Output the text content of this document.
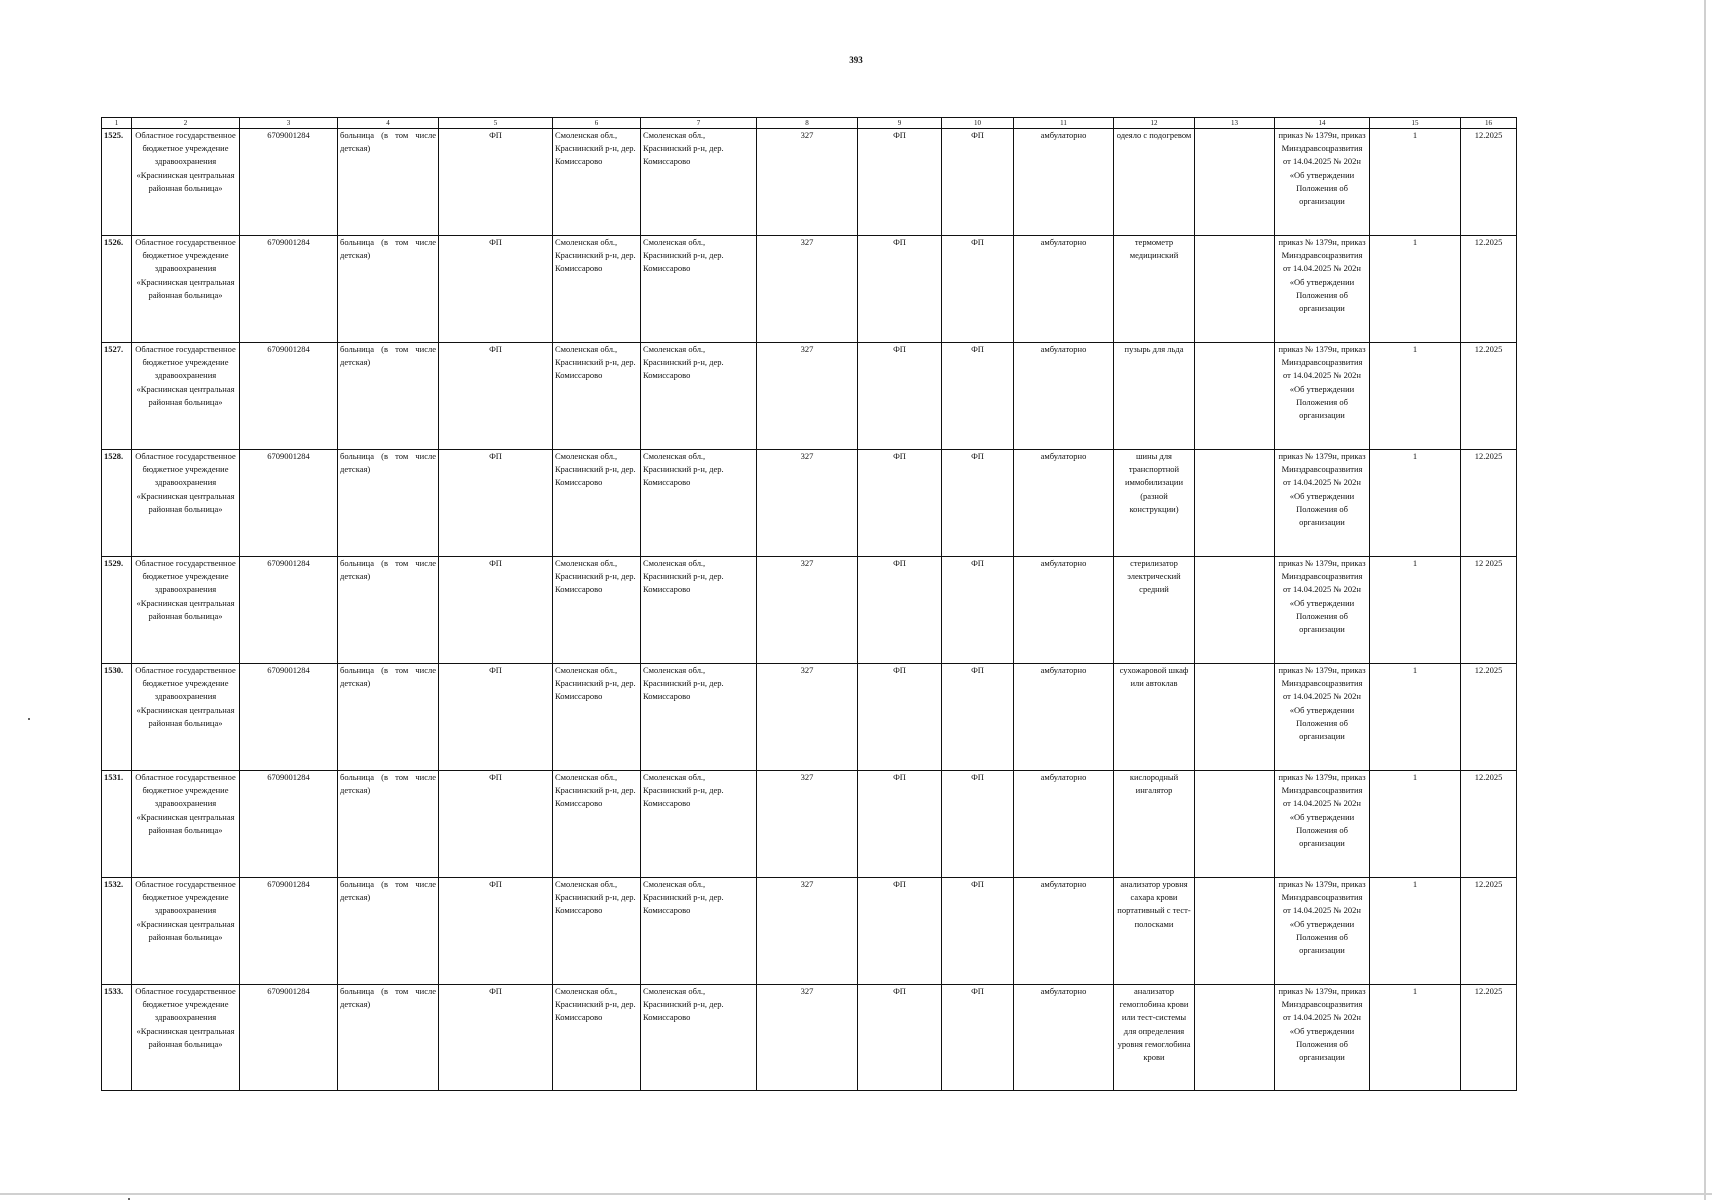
393
1	2	3	4	5	6	7	8	9	10	11	12	13	14	15	16
1525.	Областное государственное бюджетное учреждение здравоохранения «Краснинская центральная районная больница»	6709001284	больница (в том числе детская)	ФП	Смоленская обл., Краснинский р-н, дер. Комиссарово	Смоленская обл., Краснинский р-н, дер. Комиссарово	327	ФП	ФП	амбулаторно	одеяло с подогревом		приказ № 1379н, приказ Минздравсоцразвития от 14.04.2025 № 202н «Об утверждении Положения об организации	1	12.2025
1526.	Областное государственное бюджетное учреждение здравоохранения «Краснинская центральная районная больница»	6709001284	больница (в том числе детская)	ФП	Смоленская обл., Краснинский р-н, дер. Комиссарово	Смоленская обл., Краснинский р-н, дер. Комиссарово	327	ФП	ФП	амбулаторно	термометр медицинский		приказ № 1379н, приказ Минздравсоцразвития от 14.04.2025 № 202н «Об утверждении Положения об организации	1	12.2025
1527.	Областное государственное бюджетное учреждение здравоохранения «Краснинская центральная районная больница»	6709001284	больница (в том числе детская)	ФП	Смоленская обл., Краснинский р-н, дер. Комиссарово	Смоленская обл., Краснинский р-н, дер. Комиссарово	327	ФП	ФП	амбулаторно	пузырь для льда		приказ № 1379н, приказ Минздравсоцразвития от 14.04.2025 № 202н «Об утверждении Положения об организации	1	12.2025
1528.	Областное государственное бюджетное учреждение здравоохранения «Краснинская центральная районная больница»	6709001284	больница (в том числе детская)	ФП	Смоленская обл., Краснинский р-н, дер. Комиссарово	Смоленская обл., Краснинский р-н, дер. Комиссарово	327	ФП	ФП	амбулаторно	шины для транспортной иммобилизации (разной конструкции)		приказ № 1379н, приказ Минздравсоцразвития от 14.04.2025 № 202н «Об утверждении Положения об организации	1	12.2025
1529.	Областное государственное бюджетное учреждение здравоохранения «Краснинская центральная районная больница»	6709001284	больница (в том числе детская)	ФП	Смоленская обл., Краснинский р-н, дер. Комиссарово	Смоленская обл., Краснинский р-н, дер. Комиссарово	327	ФП	ФП	амбулаторно	стерилизатор электрический средний		приказ № 1379н, приказ Минздравсоцразвития от 14.04.2025 № 202н «Об утверждении Положения об организации	1	12 2025
1530.	Областное государственное бюджетное учреждение здравоохранения «Краснинская центральная районная больница»	6709001284	больница (в том числе детская)	ФП	Смоленская обл., Краснинский р-н, дер. Комиссарово	Смоленская обл., Краснинский р-н, дер. Комиссарово	327	ФП	ФП	амбулаторно	сухожаровой шкаф или автоклав		приказ № 1379н, приказ Минздравсоцразвития от 14.04.2025 № 202н «Об утверждении Положения об организации	1	12.2025
1531.	Областное государственное бюджетное учреждение здравоохранения «Краснинская центральная районная больница»	6709001284	больница (в том числе детская)	ФП	Смоленская обл., Краснинский р-н, дер. Комиссарово	Смоленская обл., Краснинский р-н, дер. Комиссарово	327	ФП	ФП	амбулаторно	кислородный ингалятор		приказ № 1379н, приказ Минздравсоцразвития от 14.04.2025 № 202н «Об утверждении Положения об организации	1	12.2025
1532.	Областное государственное бюджетное учреждение здравоохранения «Краснинская центральная районная больница»	6709001284	больница (в том числе детская)	ФП	Смоленская обл., Краснинский р-н, дер. Комиссарово	Смоленская обл., Краснинский р-н, дер. Комиссарово	327	ФП	ФП	амбулаторно	анализатор уровня сахара крови портативный с тест-полосками		приказ № 1379н, приказ Минздравсоцразвития от 14.04.2025 № 202н «Об утверждении Положения об организации	1	12.2025
1533.	Областное государственное бюджетное учреждение здравоохранения «Краснинская центральная районная больница»	6709001284	больница (в том числе детская)	ФП	Смоленская обл., Краснинский р-н, дер. Комиссарово	Смоленская обл., Краснинский р-н, дер. Комиссарово	327	ФП	ФП	амбулаторно	анализатор гемоглобина крови или тест-системы для определения уровня гемоглобина крови		приказ № 1379н, приказ Минздравсоцразвития от 14.04.2025 № 202н «Об утверждении Положения об организации	1	12.2025
